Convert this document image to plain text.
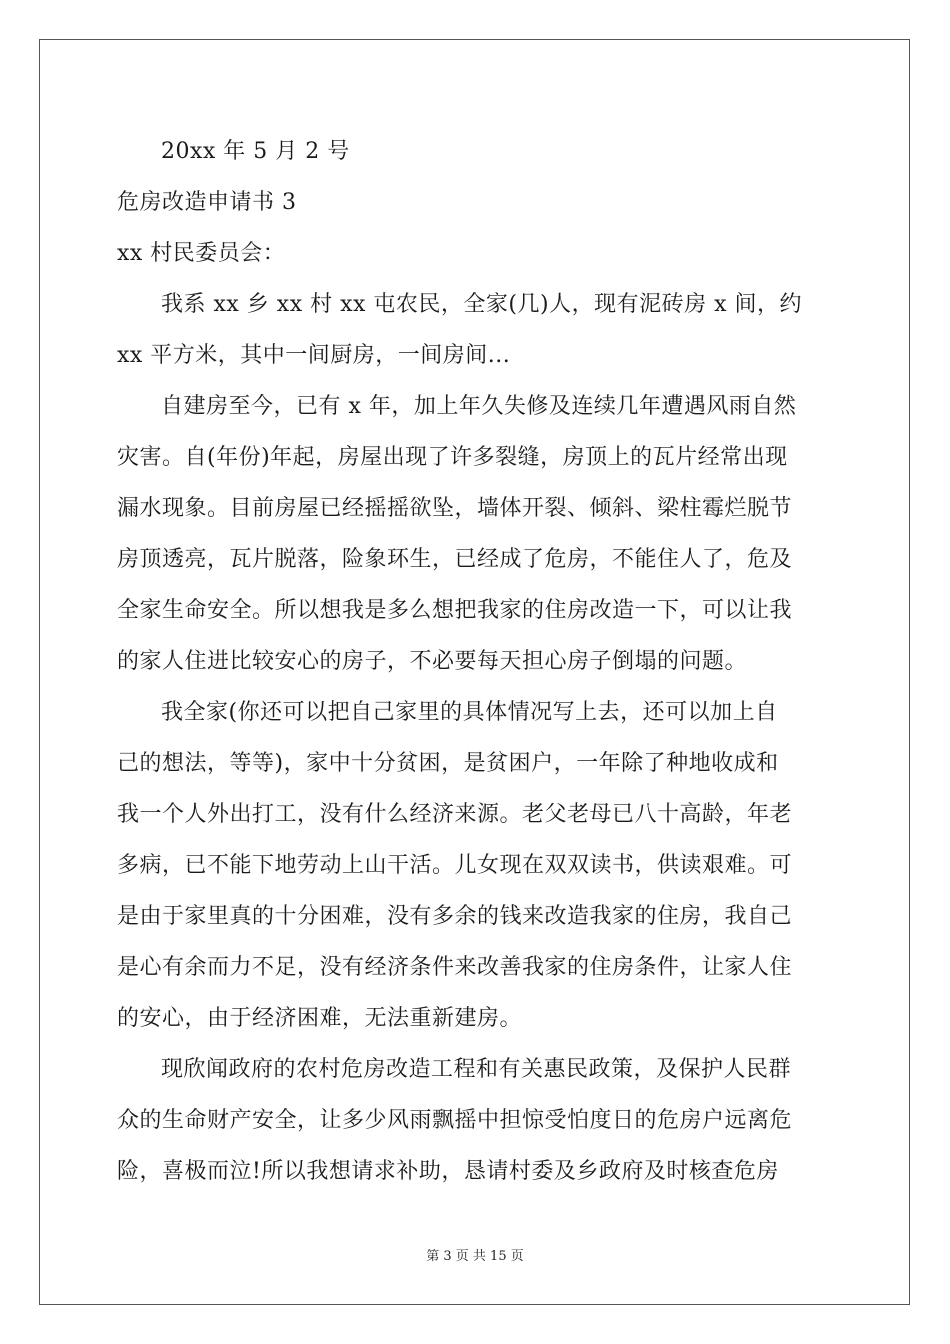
20xx 年 5 月 2 号
危房改造申请书 3
xx 村民委员会：
我系 xx 乡 xx 村 xx 屯农民，全家(几)人，现有泥砖房 x 间，约
xx 平方米，其中一间厨房，一间房间...
自建房至今，已有 x 年，加上年久失修及连续几年遭遇风雨自然
灾害。自(年份)年起，房屋出现了许多裂缝，房顶上的瓦片经常出现
漏水现象。目前房屋已经摇摇欲坠，墙体开裂、倾斜、梁柱霉烂脱节
房顶透亮，瓦片脱落，险象环生，已经成了危房，不能住人了，危及
全家生命安全。所以想我是多么想把我家的住房改造一下，可以让我
的家人住进比较安心的房子，不必要每天担心房子倒塌的问题。
我全家(你还可以把自己家里的具体情况写上去，还可以加上自
己的想法，等等)，家中十分贫困，是贫困户，一年除了种地收成和
我一个人外出打工，没有什么经济来源。老父老母已八十高龄，年老
多病，已不能下地劳动上山干活。儿女现在双双读书，供读艰难。可
是由于家里真的十分困难，没有多余的钱来改造我家的住房，我自己
是心有余而力不足，没有经济条件来改善我家的住房条件，让家人住
的安心，由于经济困难，无法重新建房。
现欣闻政府的农村危房改造工程和有关惠民政策，及保护人民群
众的生命财产安全，让多少风雨飘摇中担惊受怕度日的危房户远离危
险，喜极而泣!所以我想请求补助，恳请村委及乡政府及时核查危房
第 3 页 共 15 页
